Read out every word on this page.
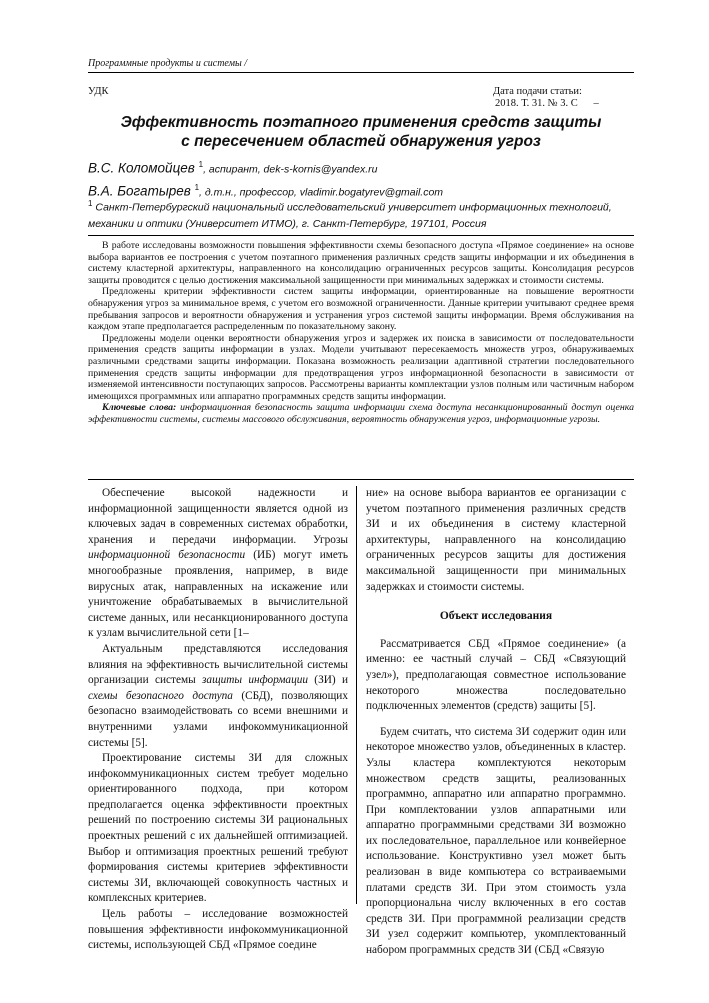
Программные продукты и системы /
УДК	Дата подачи статьи:
2018. Т. 31. № 3. С      –
Эффективность поэтапного применения средств защиты
с пересечением областей обнаружения угроз
В.С. Коломойцев $^1$, аспирант, dek-s-kornis@yandex.ru
В.А. Богатырев $^1$, д.т.н., профессор, vladimir.bogatyrev@gmail.com
$^1$ Санкт-Петербургский национальный исследовательский университет информационных технологий, механики и оптики (Университет ИТМО), г. Санкт-Петербург, 197101, Россия

В работе исследованы возможности повышения эффективности схемы безопасного доступа «Прямое соединение» на основе выбора вариантов ее построения с учетом поэтапного применения различных средств защиты информации и их объединения в систему кластерной архитектуры, направленного на консолидацию ограниченных ресурсов защиты. Консолидация ресурсов защиты проводится с целью достижения максимальной защищенности при минимальных задержках и стоимости системы.

Предложены критерии эффективности систем защиты информации, ориентированные на повышение вероятности обнаружения угроз за минимальное время, с учетом его возможной ограниченности. Данные критерии учитывают среднее время пребывания запросов и вероятности обнаружения и устранения угроз системой защиты информации. Время обслуживания на каждом этапе предполагается распределенным по показательному закону.

Предложены модели оценки вероятности обнаружения угроз и задержек их поиска в зависимости от последовательности применения средств защиты информации в узлах. Модели учитывают пересекаемость множеств угроз, обнаруживаемых различными средствами защиты информации. Показана возможность реализации адаптивной стратегии последовательного применения средств защиты информации для предотвращения угроз информационной безопасности в зависимости от изменяемой интенсивности поступающих запросов. Рассмотрены варианты комплектации узлов полным или частичным набором имеющихся программных или аппаратно программных средств защиты информации.

Ключевые слова: информационная безопасность защита информации схема доступа несанкционированный доступ оценка эффективности системы, системы массового обслуживания, вероятность обнаружения угроз, информационные угрозы.

Обеспечение высокой надежности и информационной защищенности является одной из ключевых задач в современных системах обработки, хранения и передачи информации. Угрозы информационной безопасности (ИБ) могут иметь многообразные проявления, например, в виде вирусных атак, направленных на искажение или уничтожение обрабатываемых в вычислительной системе данных, или несанкционированного доступа к узлам вычислительной сети [1–

Актуальным представляются исследования влияния на эффективность вычислительной системы организации системы защиты информации (ЗИ) и схемы безопасного доступа (СБД), позволяющих безопасно взаимодействовать со всеми внешними и внутренними узлами инфокоммуникационной системы [5].

Проектирование системы ЗИ для сложных инфокоммуникационных систем требует модельно ориентированного подхода, при котором предполагается оценка эффективности проектных решений по построению системы ЗИ рациональных проектных решений с их дальнейшей оптимизацией. Выбор и оптимизация проектных решений требуют формирования системы критериев эффективности системы ЗИ, включающей совокупность частных и комплексных критериев.

Цель работы – исследование возможностей повышения эффективности инфокоммуникационной системы, использующей СБД «Прямое соедине

ние» на основе выбора вариантов ее организации с учетом поэтапного применения различных средств ЗИ и их объединения в систему кластерной архитектуры, направленного на консолидацию ограниченных ресурсов защиты для достижения максимальной защищенности при минимальных задержках и стоимости системы.

Объект исследования

Рассматривается СБД «Прямое соединение» (а именно: ее частный случай – СБД «Связующий узел»), предполагающая совместное использование некоторого множества последовательно подключенных элементов (средств) защиты [5].

Будем считать, что система ЗИ содержит один или некоторое множество узлов, объединенных в кластер. Узлы кластера комплектуются некоторым множеством средств защиты, реализованных программно, аппаратно или аппаратно программно. При комплектовании узлов аппаратными или аппаратно программными средствами ЗИ возможно их последовательное, параллельное или конвейерное использование. Конструктивно узел может быть реализован в виде компьютера со встраиваемыми платами средств ЗИ. При этом стоимость узла пропорциональна числу включенных в его состав средств ЗИ. При программной реализации средств ЗИ узел содержит компьютер, укомплектованный набором программных средств ЗИ (СБД «Связую
